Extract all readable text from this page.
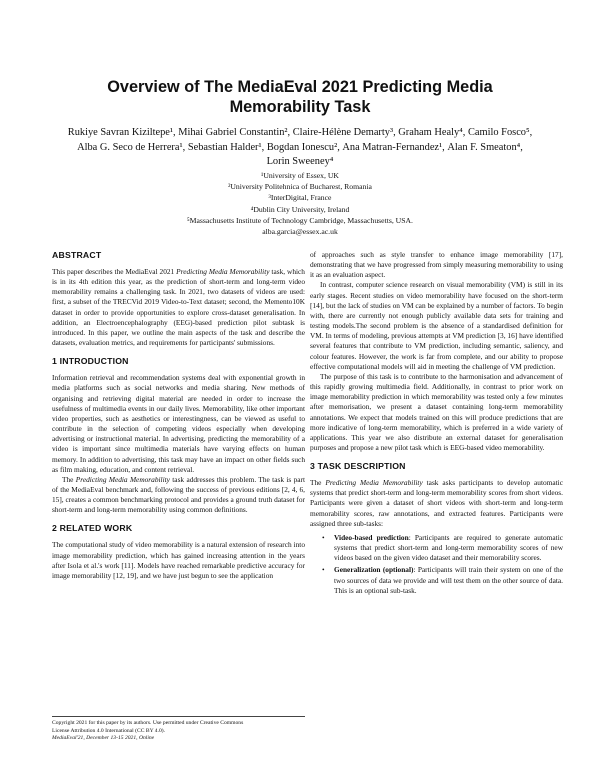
Overview of The MediaEval 2021 Predicting Media
Memorability Task
Rukiye Savran Kiziltepe¹, Mihai Gabriel Constantin², Claire-Hélène Demarty³, Graham Healy⁴, Camilo Fosco⁵, Alba G. Seco de Herrera¹, Sebastian Halder¹, Bogdan Ionescu², Ana Matran-Fernandez¹, Alan F. Smeaton⁴, Lorin Sweeney⁴
¹University of Essex, UK
²University Politehnica of Bucharest, Romania
³InterDigital, France
⁴Dublin City University, Ireland
⁵Massachusetts Institute of Technology Cambridge, Massachusetts, USA.
alba.garcia@essex.ac.uk
ABSTRACT

This paper describes the MediaEval 2021 Predicting Media Memorability task, which is in its 4th edition this year, as the prediction of short-term and long-term video memorability remains a challenging task. In 2021, two datasets of videos are used: first, a subset of the TRECVid 2019 Video-to-Text dataset; second, the Memento10K dataset in order to provide opportunities to explore cross-dataset generalisation. In addition, an Electroencephalography (EEG)-based prediction pilot subtask is introduced. In this paper, we outline the main aspects of the task and describe the datasets, evaluation metrics, and requirements for participants' submissions.

1 INTRODUCTION

Information retrieval and recommendation systems deal with exponential growth in media platforms such as social networks and media sharing. New methods of organising and retrieving digital material are needed in order to increase the usefulness of multimedia events in our daily lives. Memorability, like other important video properties, such as aesthetics or interestingness, can be viewed as useful to contribute in the selection of competing videos especially when developing advertising or instructional material. In advertising, predicting the memorability of a video is important since multimedia materials have varying effects on human memory. In addition to advertising, this task may have an impact on other fields such as film making, education, and content retrieval.

The Predicting Media Memorability task addresses this problem. The task is part of the MediaEval benchmark and, following the success of previous editions [2, 4, 6, 15], creates a common benchmarking protocol and provides a ground truth dataset for short-term and long-term memorability using common definitions.

2 RELATED WORK

The computational study of video memorability is a natural extension of research into image memorability prediction, which has gained increasing attention in the years after Isola et al.'s work [11]. Models have reached remarkable predictive accuracy for image memorability [12, 19], and we have just begun to see the application

of approaches such as style transfer to enhance image memorability [17], demonstrating that we have progressed from simply measuring memorability to using it as an evaluation aspect.

In contrast, computer science research on visual memorability (VM) is still in its early stages. Recent studies on video memorability have focused on the short-term [14], but the lack of studies on VM can be explained by a number of factors. To begin with, there are currently not enough publicly available data sets for training and testing models.The second problem is the absence of a standardised definition for VM. In terms of modeling, previous attempts at VM prediction [3, 16] have identified several features that contribute to VM prediction, including semantic, saliency, and colour features. However, the work is far from complete, and our ability to propose effective computational models will aid in meeting the challenge of VM prediction.

The purpose of this task is to contribute to the harmonisation and advancement of this rapidly growing multimedia field. Additionally, in contrast to prior work on image memorability prediction in which memorability was tested only a few minutes after memorisation, we present a dataset containing long-term memorability annotations. We expect that models trained on this will produce predictions that are more indicative of long-term memorability, which is preferred in a wide variety of applications. This year we also distribute an external dataset for generalisation purposes and propose a new pilot task which is EEG-based video memorability.

3 TASK DESCRIPTION

The Predicting Media Memorability task asks participants to develop automatic systems that predict short-term and long-term memorability scores from short videos. Participants were given a dataset of short videos with short-term and long-term memorability scores, raw annotations, and extracted features. Participants were assigned three sub-tasks:

• Video-based prediction: Participants are required to generate automatic systems that predict short-term and long-term memorability scores of new videos based on the given video dataset and their memorability scores.
• Generalization (optional): Participants will train their system on one of the two sources of data we provide and will test them on the other source of data. This is an optional sub-task.
Copyright 2021 for this paper by its authors. Use permitted under Creative Commons
License Attribution 4.0 International (CC BY 4.0).
MediaEval'21, December 13-15 2021, Online
